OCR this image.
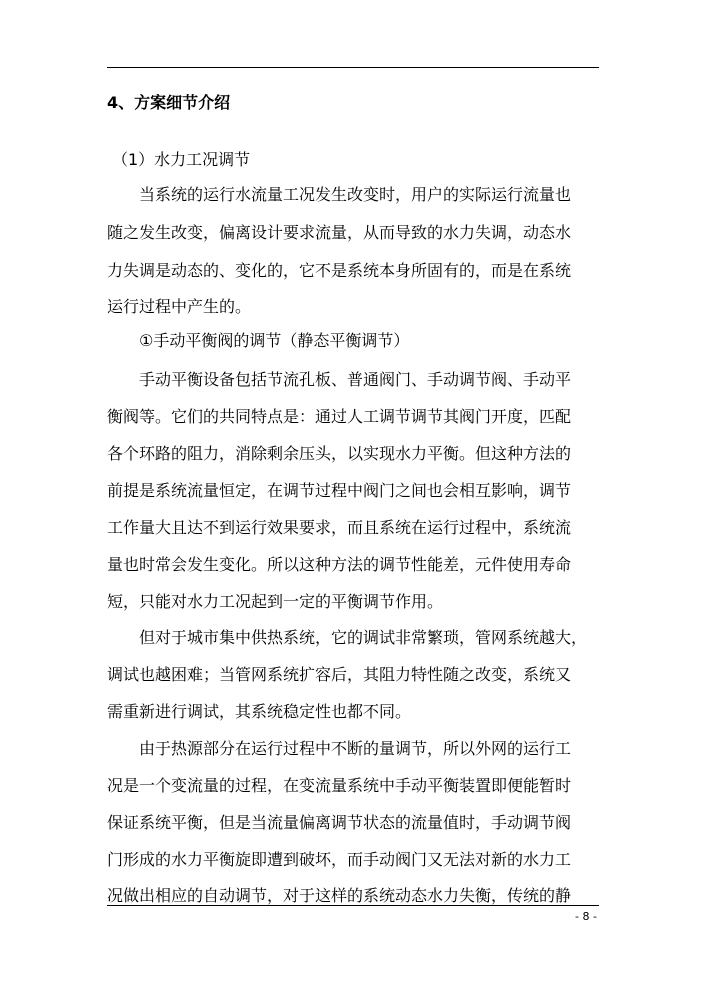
4、方案细节介绍
（1）水力工况调节
当系统的运行水流量工况发生改变时，用户的实际运行流量也
随之发生改变，偏离设计要求流量，从而导致的水力失调，动态水
力失调是动态的、变化的，它不是系统本身所固有的，而是在系统
运行过程中产生的。
①手动平衡阀的调节（静态平衡调节）
手动平衡设备包括节流孔板、普通阀门、手动调节阀、手动平
衡阀等。它们的共同特点是：通过人工调节调节其阀门开度，匹配
各个环路的阻力，消除剩余压头，以实现水力平衡。但这种方法的
前提是系统流量恒定，在调节过程中阀门之间也会相互影响，调节
工作量大且达不到运行效果要求，而且系统在运行过程中，系统流
量也时常会发生变化。所以这种方法的调节性能差，元件使用寿命
短，只能对水力工况起到一定的平衡调节作用。
但对于城市集中供热系统，它的调试非常繁琐，管网系统越大，
调试也越困难；当管网系统扩容后，其阻力特性随之改变，系统又
需重新进行调试，其系统稳定性也都不同。
由于热源部分在运行过程中不断的量调节，所以外网的运行工
况是一个变流量的过程，在变流量系统中手动平衡装置即便能暂时
保证系统平衡，但是当流量偏离调节状态的流量值时，手动调节阀
门形成的水力平衡旋即遭到破坏，而手动阀门又无法对新的水力工
况做出相应的自动调节，对于这样的系统动态水力失衡，传统的静
- 8 -
